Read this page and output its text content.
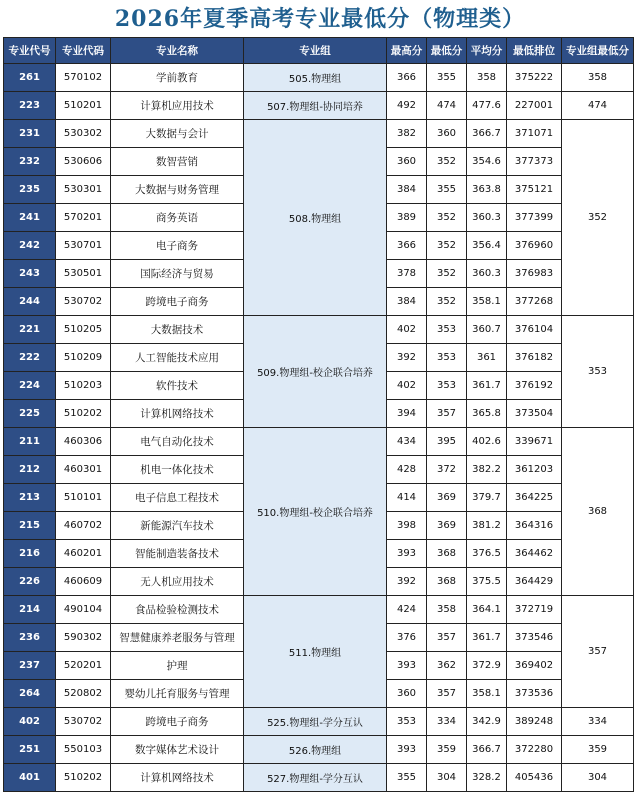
2026年夏季高考专业最低分（物理类）
专业代号	专业代码	专业名称	专业组	最高分	最低分	平均分	最低排位	专业组最低分
261	570102	学前教育	505.物理组	366	355	358	375222	358
223	510201	计算机应用技术	507.物理组-协同培养	492	474	477.6	227001	474
231	530302	大数据与会计	508.物理组	382	360	366.7	371071	352
232	530606	数智营销		360	352	354.6	377373	
235	530301	大数据与财务管理		384	355	363.8	375121	
241	570201	商务英语		389	352	360.3	377399	
242	530701	电子商务		366	352	356.4	376960	
243	530501	国际经济与贸易		378	352	360.3	376983	
244	530702	跨境电子商务		384	352	358.1	377268	
221	510205	大数据技术	509.物理组-校企联合培养	402	353	360.7	376104	353
222	510209	人工智能技术应用		392	353	361	376182	
224	510203	软件技术		402	353	361.7	376192	
225	510202	计算机网络技术		394	357	365.8	373504	
211	460306	电气自动化技术	510.物理组-校企联合培养	434	395	402.6	339671	368
212	460301	机电一体化技术		428	372	382.2	361203	
213	510101	电子信息工程技术		414	369	379.7	364225	
215	460702	新能源汽车技术		398	369	381.2	364316	
216	460201	智能制造装备技术		393	368	376.5	364462	
226	460609	无人机应用技术		392	368	375.5	364429	
214	490104	食品检验检测技术	511.物理组	424	358	364.1	372719	357
236	590302	智慧健康养老服务与管理		376	357	361.7	373546	
237	520201	护理		393	362	372.9	369402	
264	520802	婴幼儿托育服务与管理		360	357	358.1	373536	
402	530702	跨境电子商务	525.物理组-学分互认	353	334	342.9	389248	334
251	550103	数字媒体艺术设计	526.物理组	393	359	366.7	372280	359
401	510202	计算机网络技术	527.物理组-学分互认	355	304	328.2	405436	304
